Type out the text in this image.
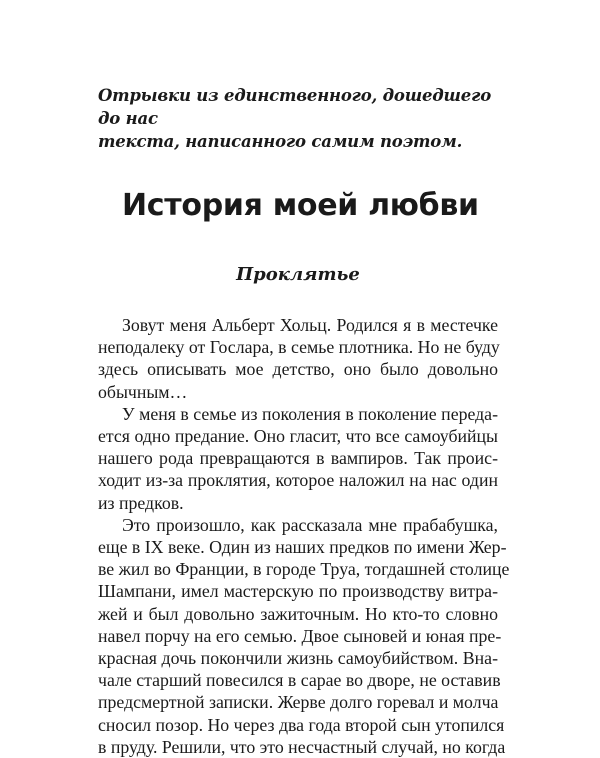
Отрывки из единственного, дошедшего до нас
текста, написанного самим поэтом.
История моей любви
Проклятье
Зовут меня Альберт Хольц. Родился я в местечке
неподалеку от Гослара, в семье плотника. Но не буду
здесь описывать мое детство, оно было довольно
обычным…
У меня в семье из поколения в поколение переда-
ется одно предание. Оно гласит, что все самоубийцы
нашего рода превращаются в вампиров. Так проис-
ходит из-за проклятия, которое наложил на нас один
из предков.
Это произошло, как рассказала мне прабабушка,
еще в IX веке. Один из наших предков по имени Жер-
ве жил во Франции, в городе Труа, тогдашней столице
Шампани, имел мастерскую по производству витра-
жей и был довольно зажиточным. Но кто-то словно
навел порчу на его семью. Двое сыновей и юная пре-
красная дочь покончили жизнь самоубийством. Вна-
чале старший повесился в сарае во дворе, не оставив
предсмертной записки. Жерве долго горевал и молча
сносил позор. Но через два года второй сын утопился
в пруду. Решили, что это несчастный случай, но когда
